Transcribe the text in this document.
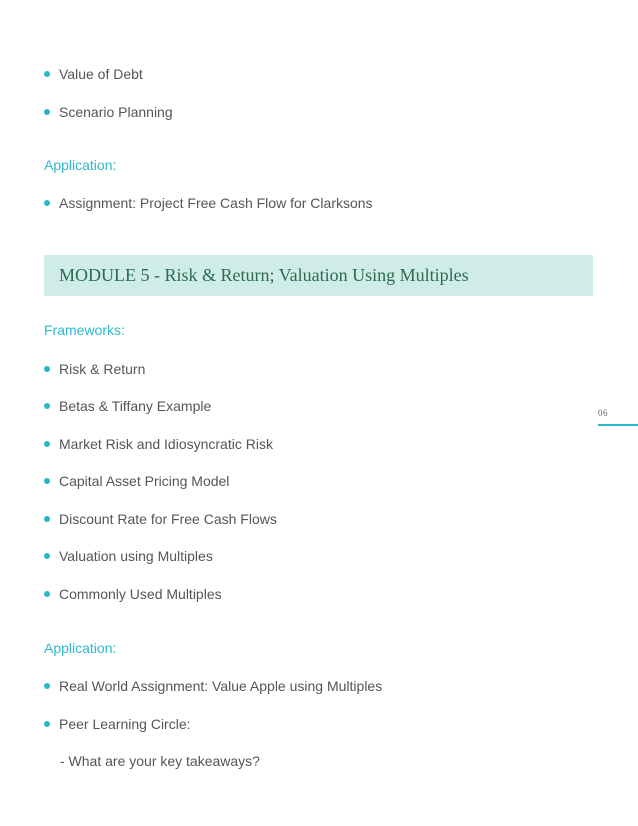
Value of Debt
Scenario Planning
Application:
Assignment: Project Free Cash Flow for Clarksons
MODULE 5 - Risk & Return; Valuation Using Multiples
Frameworks:
Risk & Return
Betas & Tiffany Example
Market Risk and Idiosyncratic Risk
Capital Asset Pricing Model
Discount Rate for Free Cash Flows
Valuation using Multiples
Commonly Used Multiples
Application:
Real World Assignment: Value Apple using Multiples
Peer Learning Circle:
- What are your key takeaways?
06
